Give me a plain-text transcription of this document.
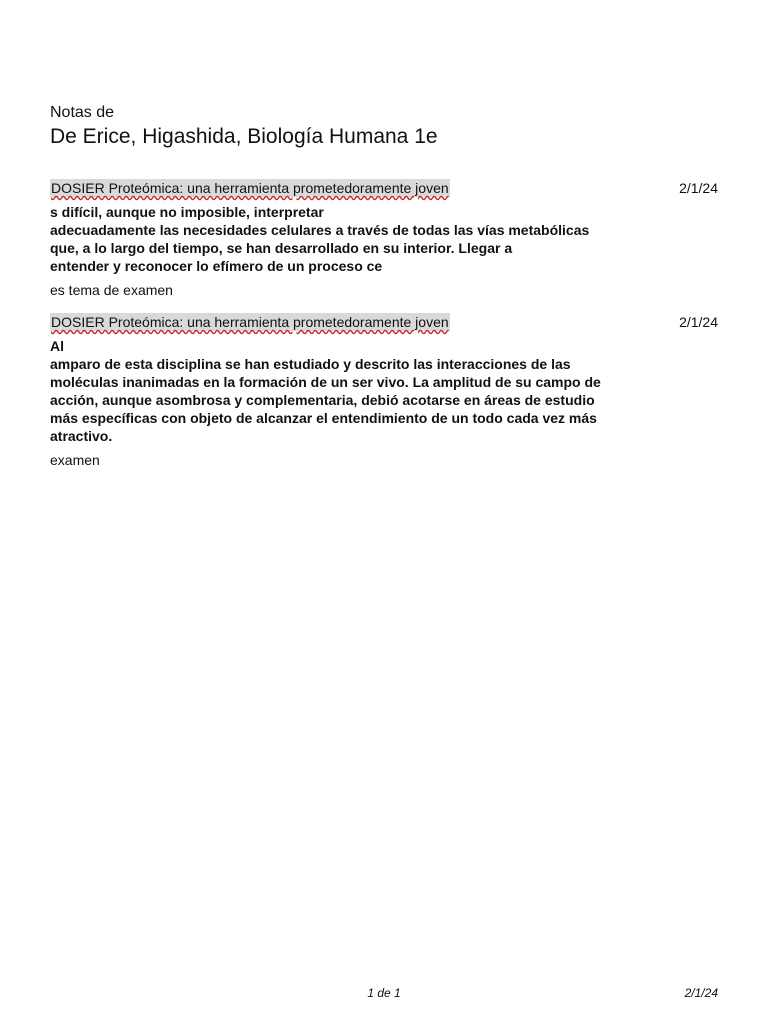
Notas de

De Erice, Higashida, Biología Humana 1e
DOSIER Proteómica: una herramienta prometedoramente joven	2/1/24
s difícil, aunque no imposible, interpretar
adecuadamente las necesidades celulares a través de todas las vías metabólicas
que, a lo largo del tiempo, se han desarrollado en su interior. Llegar a
entender y reconocer lo efímero de un proceso ce
es tema de examen
DOSIER Proteómica: una herramienta prometedoramente joven	2/1/24
Al
amparo de esta disciplina se han estudiado y descrito las interacciones de las
moléculas inanimadas en la formación de un ser vivo. La amplitud de su campo de
acción, aunque asombrosa y complementaria, debió acotarse en áreas de estudio
más específicas con objeto de alcanzar el entendimiento de un todo cada vez más
atractivo.
examen
1 de 1	2/1/24
